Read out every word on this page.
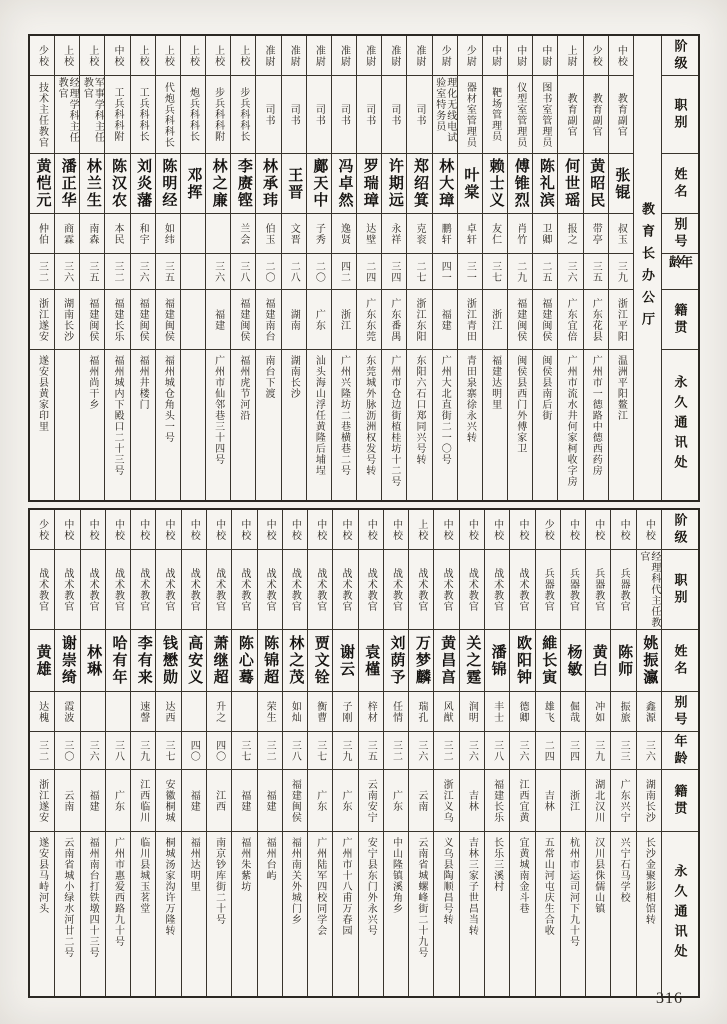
阶级
职别
姓名
别号
年龄
籍贯
永久通讯处
教育长办公厅
中校
教育副官
张锟
叔玉
三九
浙江平阳
温洲平阳鳌江
少校
教育副官
黄昭民
带亭
三五
广东花县
广州市一德路中德西药房
上尉
教育副官
何世瑶
报之
三六
广东宜倍
广州市流水井何家柯收字房
中尉
图书室管理员
陈礼滨
卫卿
二五
福建闽侯
闽侯县南后街
中尉
仪型室管理员
傅锥烈
肖竹
二九
福建闽侯
闽侯县西门外傅家卫
中尉
靶场管理员
赖士义
友仁
三七
浙江
福建达明里
少尉
器材室管理员
叶棠
卓轩
三一
浙江青田
青田泉寨徐永兴转
少尉
理化无线电试验室特务员
林大璋
鹏轩
四一
福建
广州大北直街二一〇号
准尉
司书
郑绍箕
克衮
二七
浙江东阳
东阳六石口郑同兴号转
准尉
司书
许期远
永祥
三四
广东番禺
广州市仓边街植桂坊十二号
准尉
司书
罗瑞璋
达壁
二四
广东东莞
东莞城外脉沥洲权发号转
准尉
司书
冯卓然
逸贤
四二
浙江
广州兴隆坊二巷横巷二号
准尉
司书
鄺天中
子秀
二〇
广东
汕头海山浮任黄隆后埔埕
准尉
司书
王晋
文晋
二八
湖南
湖南长沙
准尉
司书
林承玮
伯玉
二〇
福建南台
南台下渡
上校
步兵科科长
李赓铿
兰会
三八
福建闽侯
福州虎节河沿
上校
步兵科科附
林之廉
三六
福建
广州市仙邻巷三十四号
上校
炮兵科科长
邓挥
上校
代炮兵科科长
陈明经
如纬
三五
福建闽侯
福州城仓角头一号
上校
工兵科科长
刘炎藩
和宇
三六
福建闽侯
福州井楼门
中校
工兵科科附
陈汉农
本民
三二
福建长乐
福州城内下殿口二十三号
上校
军事学科主任教官
林兰生
南森
三五
福建闽侯
福州尚干乡
上校
经理学科主任教官
潘正华
商霖
三六
湖南长沙
少校
技术主任教官
黄恺元
仲伯
三二
浙江遂安
遂安县黄家印里
阶级
职别
姓名
别号
年龄
籍贯
永久通讯处
中校
经理科代主任教官
姚振瀛
鑫源
三六
湖南长沙
长沙金聚影相馆转
中校
兵器教官
陈师
振旅
三三
广东兴宁
兴宁石马学校
中校
兵器教官
黄白
冲如
三九
湖北汉川
汉川县侏儒山镇
中校
兵器教官
杨敏
倔哉
三四
浙江
杭州市运司河下九十号
少校
兵器教官
維长寅
雄飞
二四
吉林
五常山河屯庆生合收
中校
战术教官
欧阳钟
德卿
三六
江西宜黄
宜黄城南金斗巷
中校
战术教官
潘锦
丰士
三八
福建长乐
长乐三溪村
中校
战术教官
关之霆
润明
三六
吉林
吉林三家子世昌当转
中校
战术教官
黄昌亯
风猷
三二
浙江义乌
义乌县陶顺昌号转
上校
战术教官
万梦麟
瑞孔
三六
云南
云南省城螺峰街二十九号
中校
战术教官
刘荫予
任情
三二
广东
中山隆镇溪角乡
中校
战术教官
袁槿
梓材
三五
云南安宁
安宁县东门外永兴号
中校
战术教官
谢云
子刚
三九
广东
广州市十八甫万春园
中校
战术教官
贾文铨
衡曹
三七
广东
广州陆军四校同学会
中校
战术教官
林之茂
如灿
三八
福建闽侯
福州南关外城门乡
中校
战术教官
陈锦超
荣生
三二
福建
福州台屿
中校
战术教官
陈心蓦
三七
福建
福州朱紫坊
中校
战术教官
萧继超
升之
四〇
江西
南京钞库街二十号
中校
战术教官
高安义
四〇
福建
福州达明里
中校
战术教官
钱懋勋
达西
三七
安徽桐城
桐城汤家沟许万隆转
中校
战术教官
李有来
速謦
三九
江西临川
临川县城玉茗堂
中校
战术教官
哈有年
三八
广东
广州市惠爱西路九十号
中校
战术教官
林琳
三六
福建
福州南台打铁墩四十三号
中校
战术教官
谢崇绮
霞波
三〇
云南
云南省城小绿水河廿二号
少校
战术教官
黄雄
达槐
三二
浙江遂安
遂安县马峙河头
316
